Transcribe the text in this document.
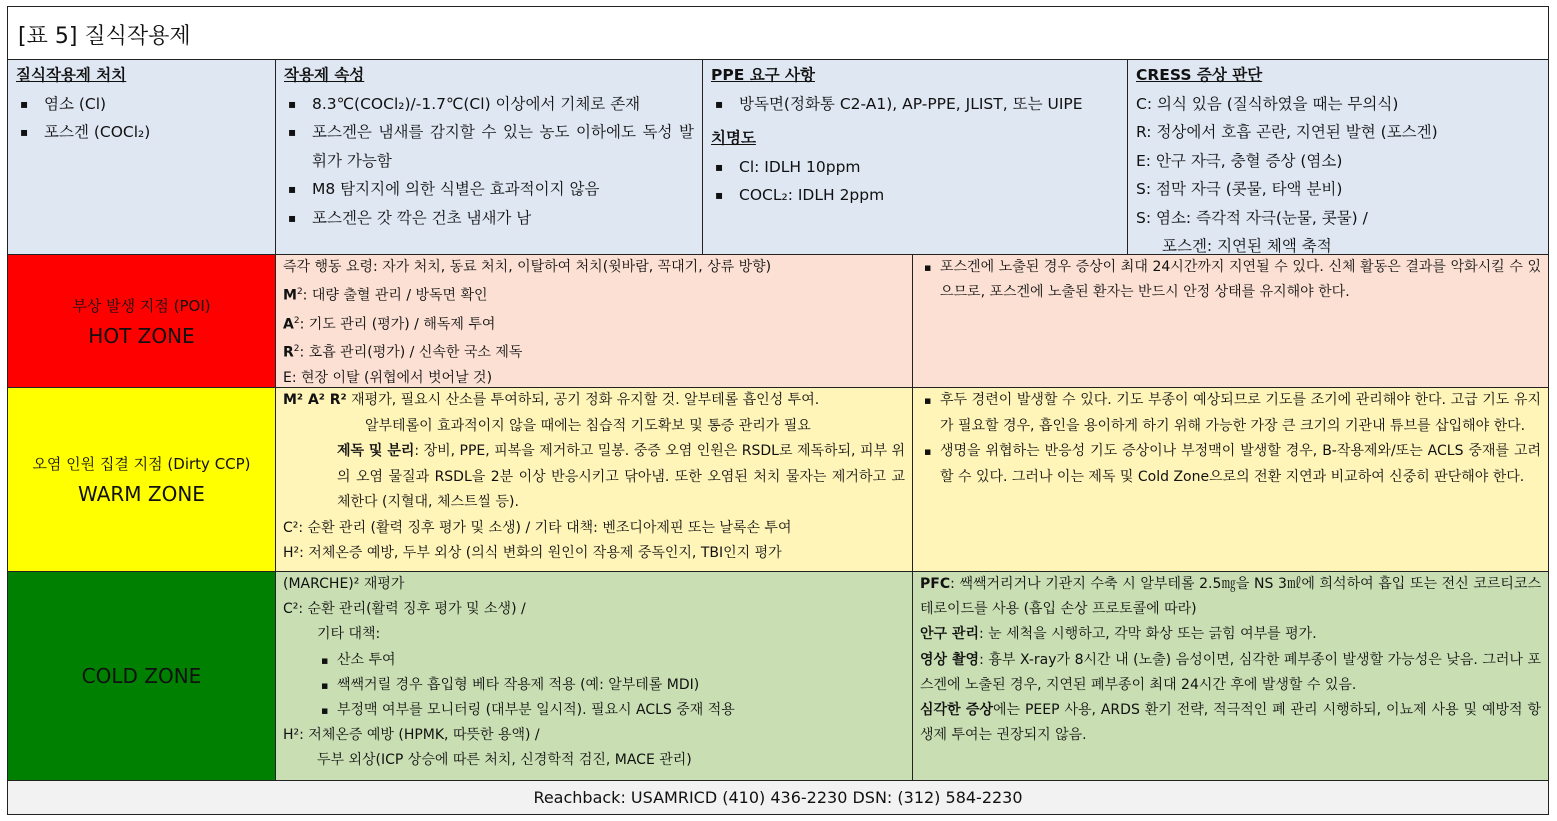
[표 5] 질식작용제
질식작용제 처치
▪ 염소 (Cl)
▪ 포스겐 (COCl₂)
작용제 속성
▪ 8.3℃(COCl₂)/-1.7℃(Cl) 이상에서 기체로 존재
▪ 포스겐은 냄새를 감지할 수 있는 농도 이하에도 독성 발휘가 가능함
▪ M8 탐지지에 의한 식별은 효과적이지 않음
▪ 포스겐은 갓 깍은 건초 냄새가 남
PPE 요구 사항
▪ 방독면(정화통 C2-A1), AP-PPE, JLIST, 또는 UIPE
치명도
▪ Cl: IDLH 10ppm
▪ COCL₂: IDLH 2ppm
CRESS 증상 판단
C: 의식 있음 (질식하였을 때는 무의식)
R: 정상에서 호흡 곤란, 지연된 발현 (포스겐)
E: 안구 자극, 충혈 증상 (염소)
S: 점막 자극 (콧물, 타액 분비)
S: 염소: 즉각적 자극(눈물, 콧물) /
포스겐: 지연된 체액 축적
부상 발생 지점 (POI)
HOT ZONE
즉각 행동 요령: 자가 처치, 동료 처치, 이탈하여 처치(윗바람, 꼭대기, 상류 방향)
$M^2$: 대량 출혈 관리 / 방독면 확인
$A^2$: 기도 관리 (평가) / 해독제 투여
$R^2$: 호흡 관리(평가) / 신속한 국소 제독
E: 현장 이탈 (위협에서 벗어날 것)
▪ 포스겐에 노출된 경우 증상이 최대 24시간까지 지연될 수 있다. 신체 활동은 결과를 악화시킬 수 있으므로, 포스겐에 노출된 환자는 반드시 안정 상태를 유지해야 한다.
오염 인원 집결 지점 (Dirty CCP)
WARM ZONE
M² A² R² 재평가, 필요시 산소를 투여하되, 공기 정화 유지할 것. 알부테롤 흡인성 투여.
알부테롤이 효과적이지 않을 때에는 침습적 기도확보 및 통증 관리가 필요
제독 및 분리: 장비, PPE, 피복을 제거하고 밀봉. 중증 오염 인원은 RSDL로 제독하되, 피부 위의 오염 물질과 RSDL을 2분 이상 반응시키고 닦아냄. 또한 오염된 처치 물자는 제거하고 교체한다 (지혈대, 체스트씰 등).
C²: 순환 관리 (활력 징후 평가 및 소생) / 기타 대책: 벤조디아제핀 또는 날록손 투여
H²: 저체온증 예방, 두부 외상 (의식 변화의 원인이 작용제 중독인지, TBI인지 평가
▪ 후두 경련이 발생할 수 있다. 기도 부종이 예상되므로 기도를 조기에 관리해야 한다. 고급 기도 유지가 필요할 경우, 흡인을 용이하게 하기 위해 가능한 가장 큰 크기의 기관내 튜브를 삽입해야 한다.
▪ 생명을 위협하는 반응성 기도 증상이나 부정맥이 발생할 경우, B-작용제와/또는 ACLS 중재를 고려할 수 있다. 그러나 이는 제독 및 Cold Zone으로의 전환 지연과 비교하여 신중히 판단해야 한다.
COLD ZONE
(MARCHE)² 재평가
C²: 순환 관리(활력 징후 평가 및 소생) /
기타 대책:
▪ 산소 투여
▪ 쌕쌕거릴 경우 흡입형 베타 작용제 적용 (예: 알부테롤 MDI)
▪ 부정맥 여부를 모니터링 (대부분 일시적). 필요시 ACLS 중재 적용
H²: 저체온증 예방 (HPMK, 따뜻한 용액) /
두부 외상(ICP 상승에 따른 처치, 신경학적 검진, MACE 관리)
PFC: 쌕쌕거리거나 기관지 수축 시 알부테롤 2.5㎎을 NS 3㎖에 희석하여 흡입 또는 전신 코르티코스테로이드를 사용 (흡입 손상 프로토콜에 따라)
안구 관리: 눈 세척을 시행하고, 각막 화상 또는 긁힘 여부를 평가.
영상 촬영: 흉부 X-ray가 8시간 내 (노출) 음성이면, 심각한 폐부종이 발생할 가능성은 낮음. 그러나 포스겐에 노출된 경우, 지연된 폐부종이 최대 24시간 후에 발생할 수 있음.
심각한 증상에는 PEEP 사용, ARDS 환기 전략, 적극적인 폐 관리 시행하되, 이뇨제 사용 및 예방적 항생제 투여는 권장되지 않음.
Reachback: USAMRICD (410) 436-2230 DSN: (312) 584-2230
